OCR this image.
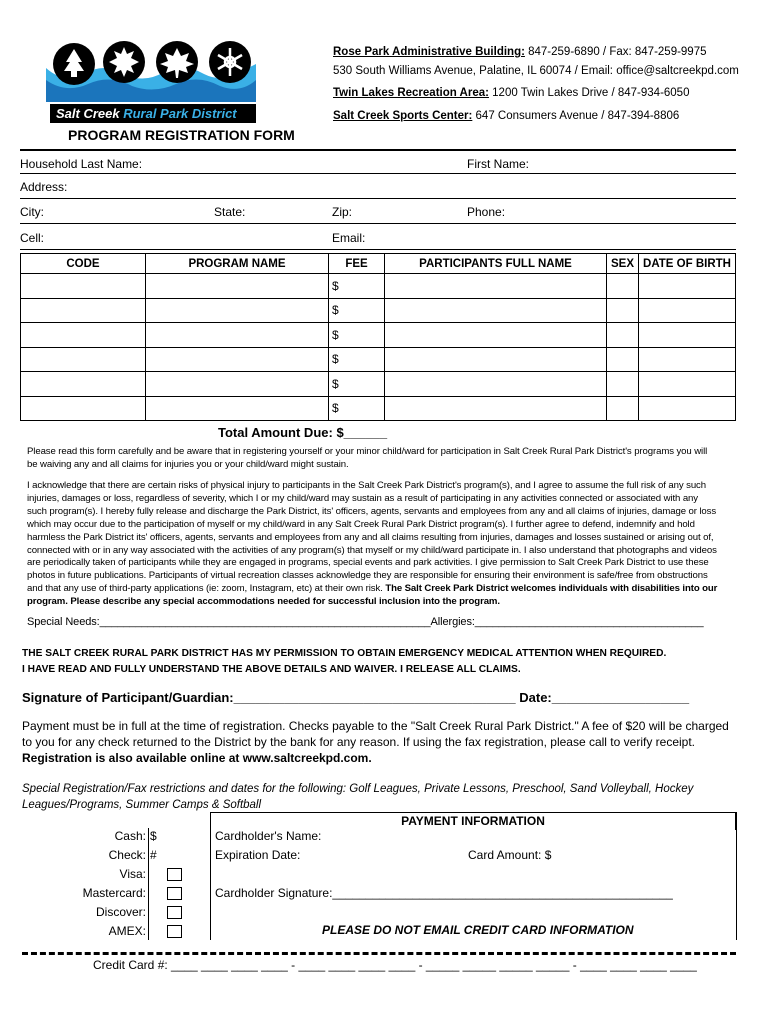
Rose Park Administrative Building: 847-259-6890 / Fax: 847-259-9975
530 South Williams Avenue, Palatine, IL 60074 / Email: office@saltcreekpd.com
Twin Lakes Recreation Area: 1200 Twin Lakes Drive / 847-934-6050
Salt Creek Sports Center: 647 Consumers Avenue / 847-394-8806
Salt Creek Rural Park District
PROGRAM REGISTRATION FORM
Household Last Name:	First Name:
Address:
City:	State:	Zip:	Phone:
Cell:	Email:
CODE	PROGRAM NAME	FEE	PARTICIPANTS FULL NAME	SEX	DATE OF BIRTH
		$			
		$			
		$			
		$			
		$			
		$			
Total Amount Due: $______
Please read this form carefully and be aware that in registering yourself or your minor child/ward for participation in Salt Creek Rural Park District's programs you will be waiving any and all claims for injuries you or your child/ward might sustain.
I acknowledge that there are certain risks of physical injury to participants in the Salt Creek Park District's program(s), and I agree to assume the full risk of any such injuries, damages or loss, regardless of severity, which I or my child/ward may sustain as a result of participating in any activities connected or associated with any such program(s). I hereby fully release and discharge the Park District, its' officers, agents, servants and employees from any and all claims of injuries, damage or loss which may occur due to the participation of myself or my child/ward in any Salt Creek Rural Park District program(s). I further agree to defend, indemnify and hold harmless the Park District its' officers, agents, servants and employees from any and all claims resulting from injuries, damages and losses sustained or arising out of, connected with or in any way associated with the activities of any program(s) that myself or my child/ward participate in. I also understand that photographs and videos are periodically taken of participants while they are engaged in programs, special events and park activities. I give permission to Salt Creek Park District to use these photos in future publications. Participants of virtual recreation classes acknowledge they are responsible for ensuring their environment is safe/free from obstructions and that any use of third-party applications (ie: zoom, Instagram, etc) at their own risk. The Salt Creek Park District welcomes individuals with disabilities into our program. Please describe any special accommodations needed for successful inclusion into the program.
Special Needs:_______________________________________________________Allergies:______________________________________
THE SALT CREEK RURAL PARK DISTRICT HAS MY PERMISSION TO OBTAIN EMERGENCY MEDICAL ATTENTION WHEN REQUIRED.
I HAVE READ AND FULLY UNDERSTAND THE ABOVE DETAILS AND WAIVER. I RELEASE ALL CLAIMS.
Signature of Participant/Guardian:_______________________________________ Date:___________________
Payment must be in full at the time of registration. Checks payable to the "Salt Creek Rural Park District." A fee of $20 will be charged to you for any check returned to the District by the bank for any reason. If using the fax registration, please call to verify receipt. Registration is also available online at www.saltcreekpd.com.
Special Registration/Fax restrictions and dates for the following: Golf Leagues, Private Lessons, Preschool, Sand Volleyball, Hockey Leagues/Programs, Summer Camps & Softball
PAYMENT INFORMATION
Cash: $
Check: #
Visa:
Mastercard:
Discover:
AMEX:
Cardholder's Name:
Expiration Date:	Card Amount: $
Cardholder Signature:___________________________________________________
PLEASE DO NOT EMAIL CREDIT CARD INFORMATION
Credit Card #: ____ ____ ____ ____ - ____ ____ ____ ____ - _____ _____ _____ _____ - ____ ____ ____ ____
